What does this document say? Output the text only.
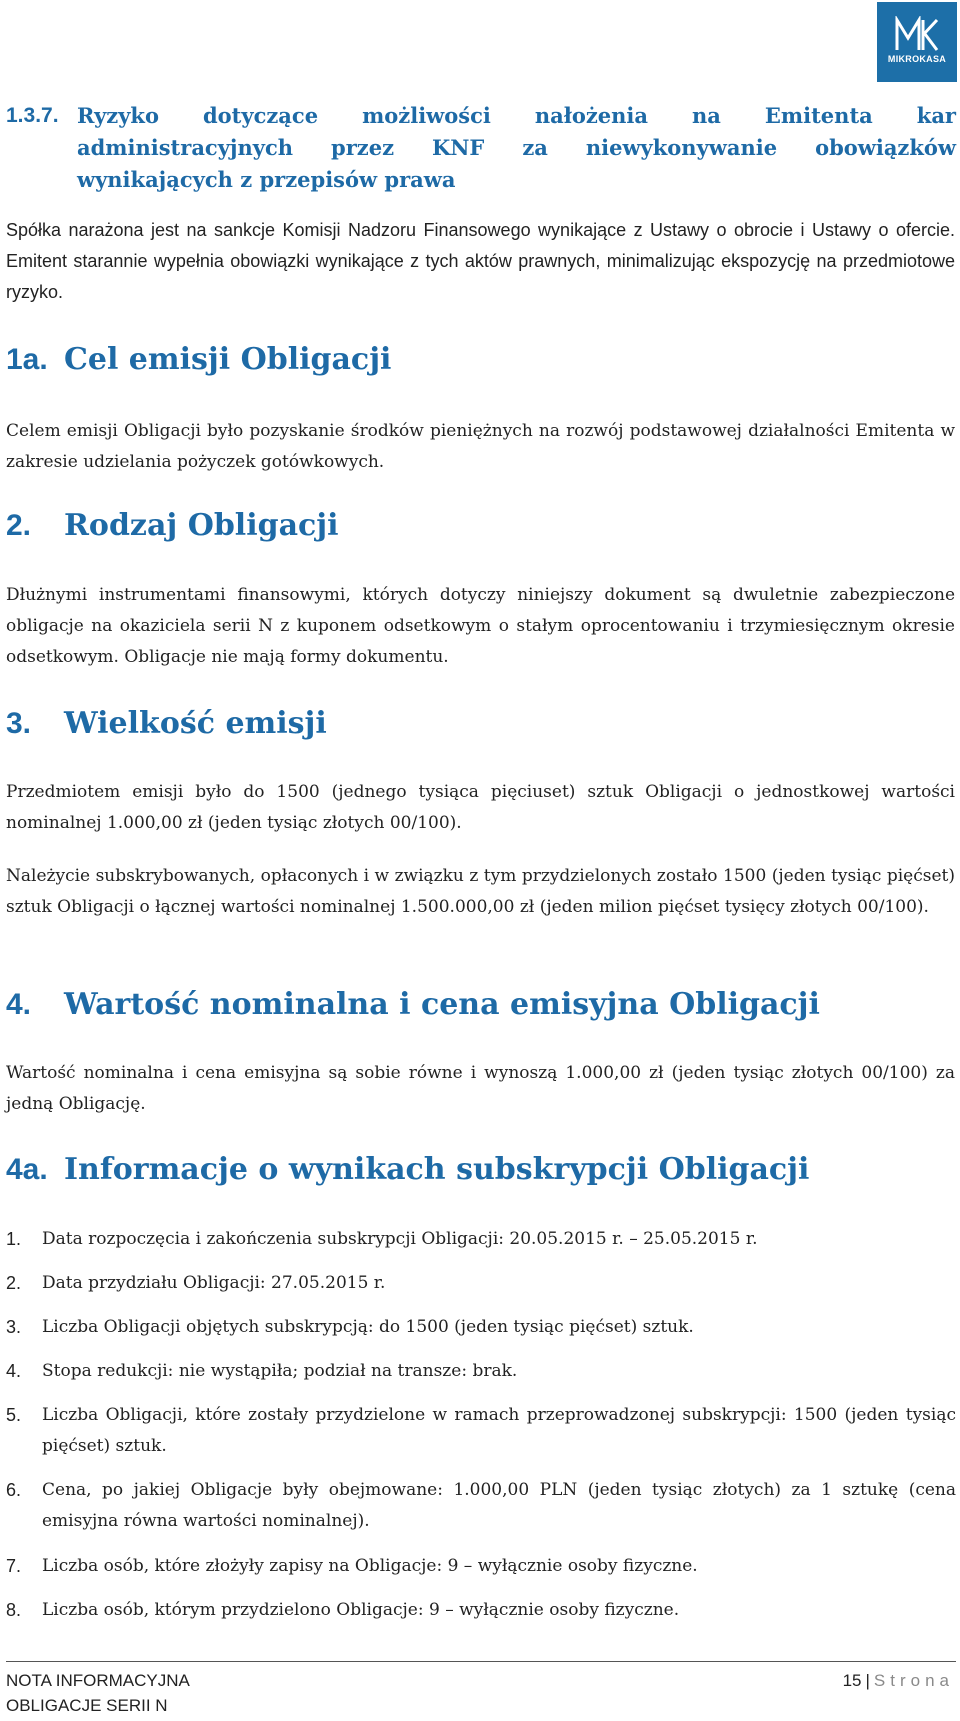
MIKROKASA
1.3.7. Ryzyko dotyczące możliwości nałożenia na Emitenta kar administracyjnych przez KNF za niewykonywanie obowiązków wynikających z przepisów prawa
Spółka narażona jest na sankcje Komisji Nadzoru Finansowego wynikające z Ustawy o obrocie i Ustawy o ofercie. Emitent starannie wypełnia obowiązki wynikające z tych aktów prawnych, minimalizując ekspozycję na przedmiotowe ryzyko.
1a. Cel emisji Obligacji
Celem emisji Obligacji było pozyskanie środków pieniężnych na rozwój podstawowej działalności Emitenta w zakresie udzielania pożyczek gotówkowych.
2. Rodzaj Obligacji
Dłużnymi instrumentami finansowymi, których dotyczy niniejszy dokument są dwuletnie zabezpieczone obligacje na okaziciela serii N z kuponem odsetkowym o stałym oprocentowaniu i trzymiesięcznym okresie odsetkowym. Obligacje nie mają formy dokumentu.
3. Wielkość emisji
Przedmiotem emisji było do 1500 (jednego tysiąca pięciuset) sztuk Obligacji o jednostkowej wartości nominalnej 1.000,00 zł (jeden tysiąc złotych 00/100).
Należycie subskrybowanych, opłaconych i w związku z tym przydzielonych zostało 1500 (jeden tysiąc pięćset) sztuk Obligacji o łącznej wartości nominalnej 1.500.000,00 zł (jeden milion pięćset tysięcy złotych 00/100).
4. Wartość nominalna i cena emisyjna Obligacji
Wartość nominalna i cena emisyjna są sobie równe i wynoszą 1.000,00 zł (jeden tysiąc złotych 00/100) za jedną Obligację.
4a. Informacje o wynikach subskrypcji Obligacji
1. Data rozpoczęcia i zakończenia subskrypcji Obligacji: 20.05.2015 r. – 25.05.2015 r.
2. Data przydziału Obligacji: 27.05.2015 r.
3. Liczba Obligacji objętych subskrypcją: do 1500 (jeden tysiąc pięćset) sztuk.
4. Stopa redukcji: nie wystąpiła; podział na transze: brak.
5. Liczba Obligacji, które zostały przydzielone w ramach przeprowadzonej subskrypcji: 1500 (jeden tysiąc pięćset) sztuk.
6. Cena, po jakiej Obligacje były obejmowane: 1.000,00 PLN (jeden tysiąc złotych) za 1 sztukę (cena emisyjna równa wartości nominalnej).
7. Liczba osób, które złożyły zapisy na Obligacje: 9 – wyłącznie osoby fizyczne.
8. Liczba osób, którym przydzielono Obligacje: 9 – wyłącznie osoby fizyczne.
NOTA INFORMACYJNA
OBLIGACJE SERII N
15 | Strona
